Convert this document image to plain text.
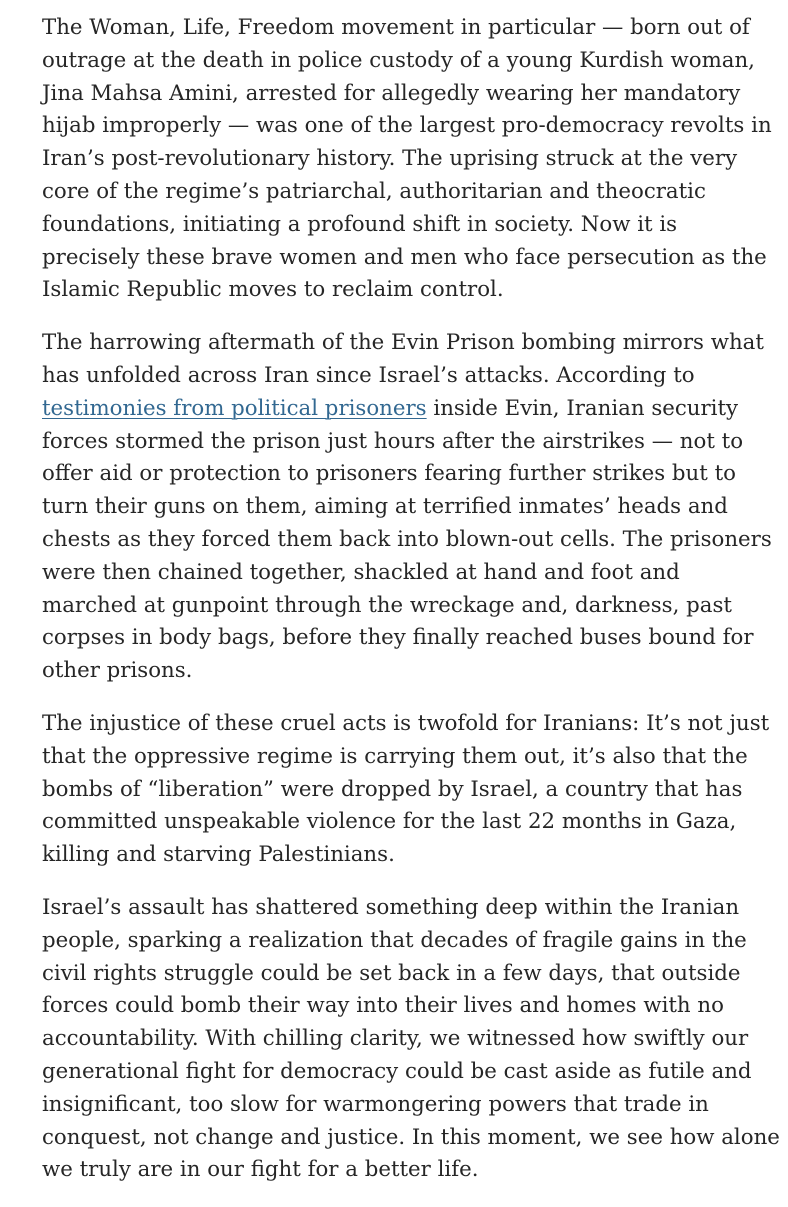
The Woman, Life, Freedom movement in particular — born out of
outrage at the death in police custody of a young Kurdish woman,
Jina Mahsa Amini, arrested for allegedly wearing her mandatory
hijab improperly — was one of the largest pro-democracy revolts in
Iran’s post-revolutionary history. The uprising struck at the very
core of the regime’s patriarchal, authoritarian and theocratic
foundations, initiating a profound shift in society. Now it is
precisely these brave women and men who face persecution as the
Islamic Republic moves to reclaim control.

The harrowing aftermath of the Evin Prison bombing mirrors what
has unfolded across Iran since Israel’s attacks. According to
testimonies from political prisoners inside Evin, Iranian security
forces stormed the prison just hours after the airstrikes — not to
offer aid or protection to prisoners fearing further strikes but to
turn their guns on them, aiming at terrified inmates’ heads and
chests as they forced them back into blown-out cells. The prisoners
were then chained together, shackled at hand and foot and
marched at gunpoint through the wreckage and, darkness, past
corpses in body bags, before they finally reached buses bound for
other prisons.

The injustice of these cruel acts is twofold for Iranians: It’s not just
that the oppressive regime is carrying them out, it’s also that the
bombs of “liberation” were dropped by Israel, a country that has
committed unspeakable violence for the last 22 months in Gaza,
killing and starving Palestinians.

Israel’s assault has shattered something deep within the Iranian
people, sparking a realization that decades of fragile gains in the
civil rights struggle could be set back in a few days, that outside
forces could bomb their way into their lives and homes with no
accountability. With chilling clarity, we witnessed how swiftly our
generational fight for democracy could be cast aside as futile and
insignificant, too slow for warmongering powers that trade in
conquest, not change and justice. In this moment, we see how alone
we truly are in our fight for a better life.
